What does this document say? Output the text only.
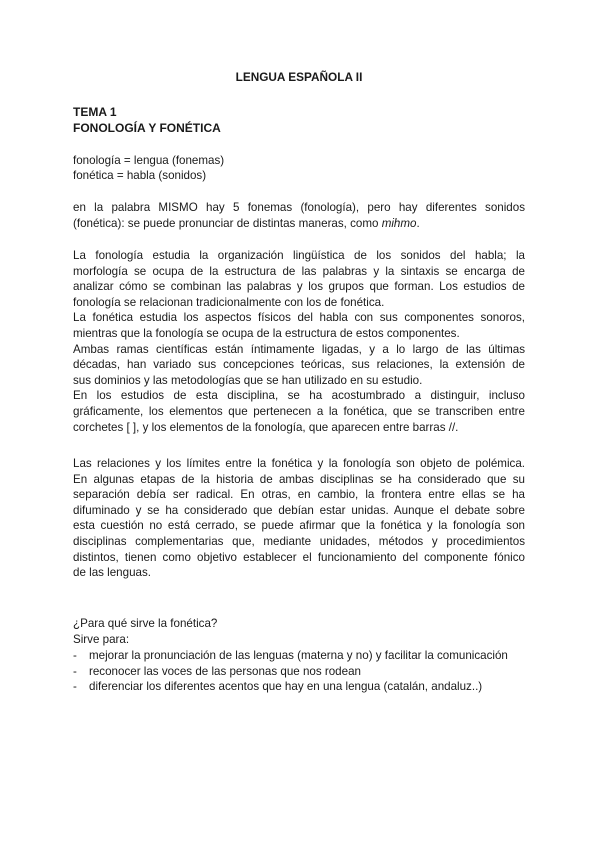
LENGUA ESPAÑOLA II
TEMA 1
FONOLOGÍA Y FONÉTICA
fonología = lengua (fonemas)
fonética = habla (sonidos)
en la palabra MISMO hay 5 fonemas (fonología), pero hay diferentes sonidos
(fonética): se puede pronunciar de distintas maneras, como mihmo.
La fonología estudia la organización lingüística de los sonidos del habla; la
morfología se ocupa de la estructura de las palabras y la sintaxis se encarga de
analizar cómo se combinan las palabras y los grupos que forman. Los estudios de
fonología se relacionan tradicionalmente con los de fonética.
La fonética estudia los aspectos físicos del habla con sus componentes sonoros,
mientras que la fonología se ocupa de la estructura de estos componentes.
Ambas ramas científicas están íntimamente ligadas, y a lo largo de las últimas
décadas, han variado sus concepciones teóricas, sus relaciones, la extensión de
sus dominios y las metodologías que se han utilizado en su estudio.
En los estudios de esta disciplina, se ha acostumbrado a distinguir, incluso
gráficamente, los elementos que pertenecen a la fonética, que se transcriben entre
corchetes [ ], y los elementos de la fonología, que aparecen entre barras //.
Las relaciones y los límites entre la fonética y la fonología son objeto de polémica.
En algunas etapas de la historia de ambas disciplinas se ha considerado que su
separación debía ser radical. En otras, en cambio, la frontera entre ellas se ha
difuminado y se ha considerado que debían estar unidas. Aunque el debate sobre
esta cuestión no está cerrado, se puede afirmar que la fonética y la fonología son
disciplinas complementarias que, mediante unidades, métodos y procedimientos
distintos, tienen como objetivo establecer el funcionamiento del componente fónico
de las lenguas.
¿Para qué sirve la fonética?
Sirve para:
- mejorar la pronunciación de las lenguas (materna y no) y facilitar la comunicación
- reconocer las voces de las personas que nos rodean
- diferenciar los diferentes acentos que hay en una lengua (catalán, andaluz..)
